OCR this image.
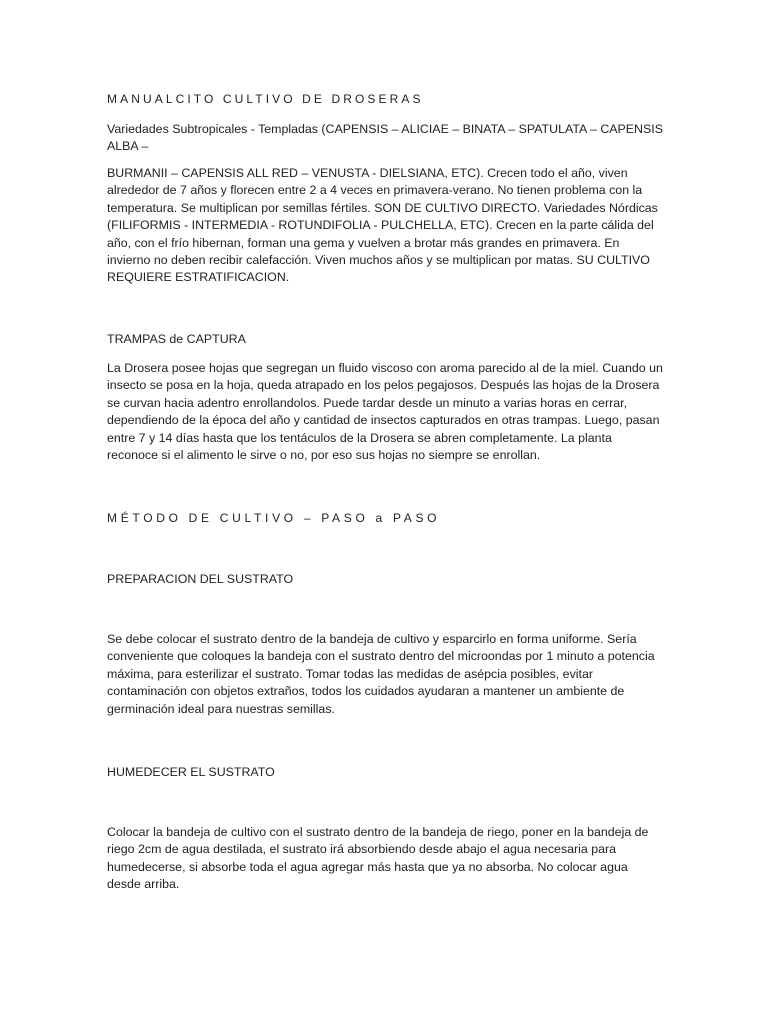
MANUALCITO CULTIVO DE DROSERAS

Variedades Subtropicales - Templadas (CAPENSIS – ALICIAE – BINATA – SPATULATA – CAPENSIS ALBA –

BURMANII – CAPENSIS ALL RED – VENUSTA - DIELSIANA, ETC). Crecen todo el año, viven alrededor de 7 años y florecen entre 2 a 4 veces en primavera-verano. No tienen problema con la temperatura. Se multiplican por semillas fértiles. SON DE CULTIVO DIRECTO. Variedades Nórdicas (FILIFORMIS - INTERMEDIA - ROTUNDIFOLIA - PULCHELLA, ETC). Crecen en la parte cálida del año, con el frío hibernan, forman una gema y vuelven a brotar más grandes en primavera. En invierno no deben recibir calefacción. Viven muchos años y se multiplican por matas. SU CULTIVO REQUIERE ESTRATIFICACION.

TRAMPAS de CAPTURA

La Drosera posee hojas que segregan un fluido viscoso con aroma parecido al de la miel. Cuando un insecto se posa en la hoja, queda atrapado en los pelos pegajosos. Después las hojas de la Drosera se curvan hacia adentro enrollandolos. Puede tardar desde un minuto a varias horas en cerrar, dependiendo de la época del año y cantidad de insectos capturados en otras trampas. Luego, pasan entre 7 y 14 días hasta que los tentáculos de la Drosera se abren completamente. La planta reconoce si el alimento le sirve o no, por eso sus hojas no siempre se enrollan.

MÉTODO DE CULTIVO – PASO a PASO

PREPARACION DEL SUSTRATO

Se debe colocar el sustrato dentro de la bandeja de cultivo y esparcirlo en forma uniforme. Sería conveniente que coloques la bandeja con el sustrato dentro del microondas por 1 minuto a potencia máxima, para esterilizar el sustrato. Tomar todas las medidas de asépcia posibles, evitar contaminación con objetos extraños, todos los cuidados ayudaran a mantener un ambiente de germinación ideal para nuestras semillas.

HUMEDECER EL SUSTRATO

Colocar la bandeja de cultivo con el sustrato dentro de la bandeja de riego, poner en la bandeja de riego 2cm de agua destilada, el sustrato irá absorbiendo desde abajo el agua necesaria para humedecerse, si absorbe toda el agua agregar más hasta que ya no absorba. No colocar agua desde arriba.
